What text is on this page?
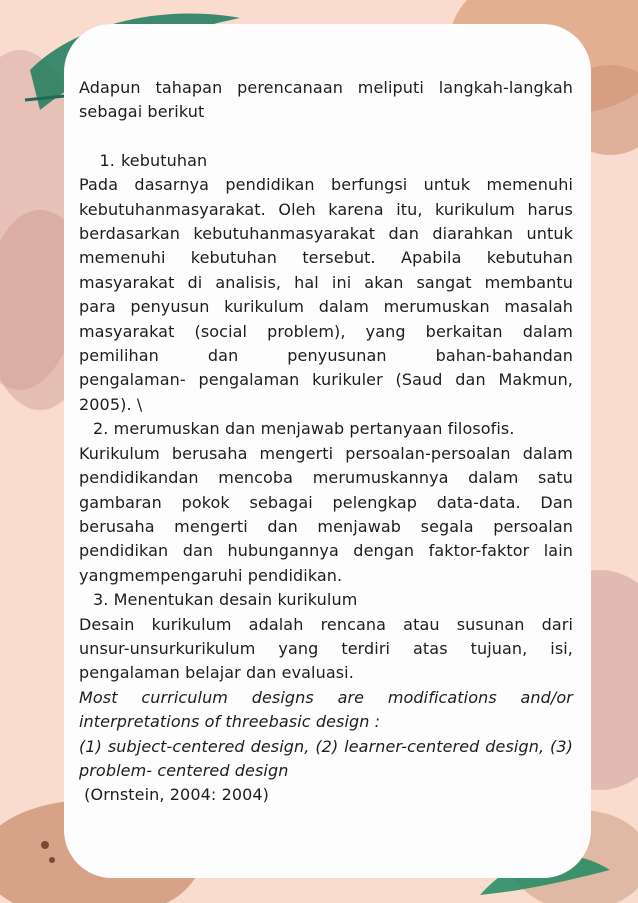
Adapun tahapan perencanaan meliputi langkah-langkah

sebagai berikut

1. kebutuhan

Pada dasarnya pendidikan berfungsi untuk memenuhi

kebutuhanmasyarakat. Oleh karena itu, kurikulum harus

berdasarkan kebutuhanmasyarakat dan diarahkan untuk

memenuhi kebutuhan tersebut. Apabila kebutuhan

masyarakat di analisis, hal ini akan sangat membantu

para penyusun kurikulum dalam merumuskan masalah

masyarakat (social problem), yang berkaitan dalam

pemilihan dan penyusunan bahan-bahandan

pengalaman- pengalaman kurikuler (Saud dan Makmun,

2005). \

2. merumuskan dan menjawab pertanyaan filosofis.

Kurikulum berusaha mengerti persoalan-persoalan dalam

pendidikandan mencoba merumuskannya dalam satu

gambaran pokok sebagai pelengkap data-data. Dan

berusaha mengerti dan menjawab segala persoalan

pendidikan dan hubungannya dengan faktor-faktor lain

yangmempengaruhi pendidikan.

3. Menentukan desain kurikulum

Desain kurikulum adalah rencana atau susunan dari

unsur-unsurkurikulum yang terdiri atas tujuan, isi,

pengalaman belajar dan evaluasi.

Most curriculum designs are modifications and/or

interpretations of threebasic design :

(1) subject-centered design, (2) learner-centered design, (3)

problem- centered design

(Ornstein, 2004: 2004)
